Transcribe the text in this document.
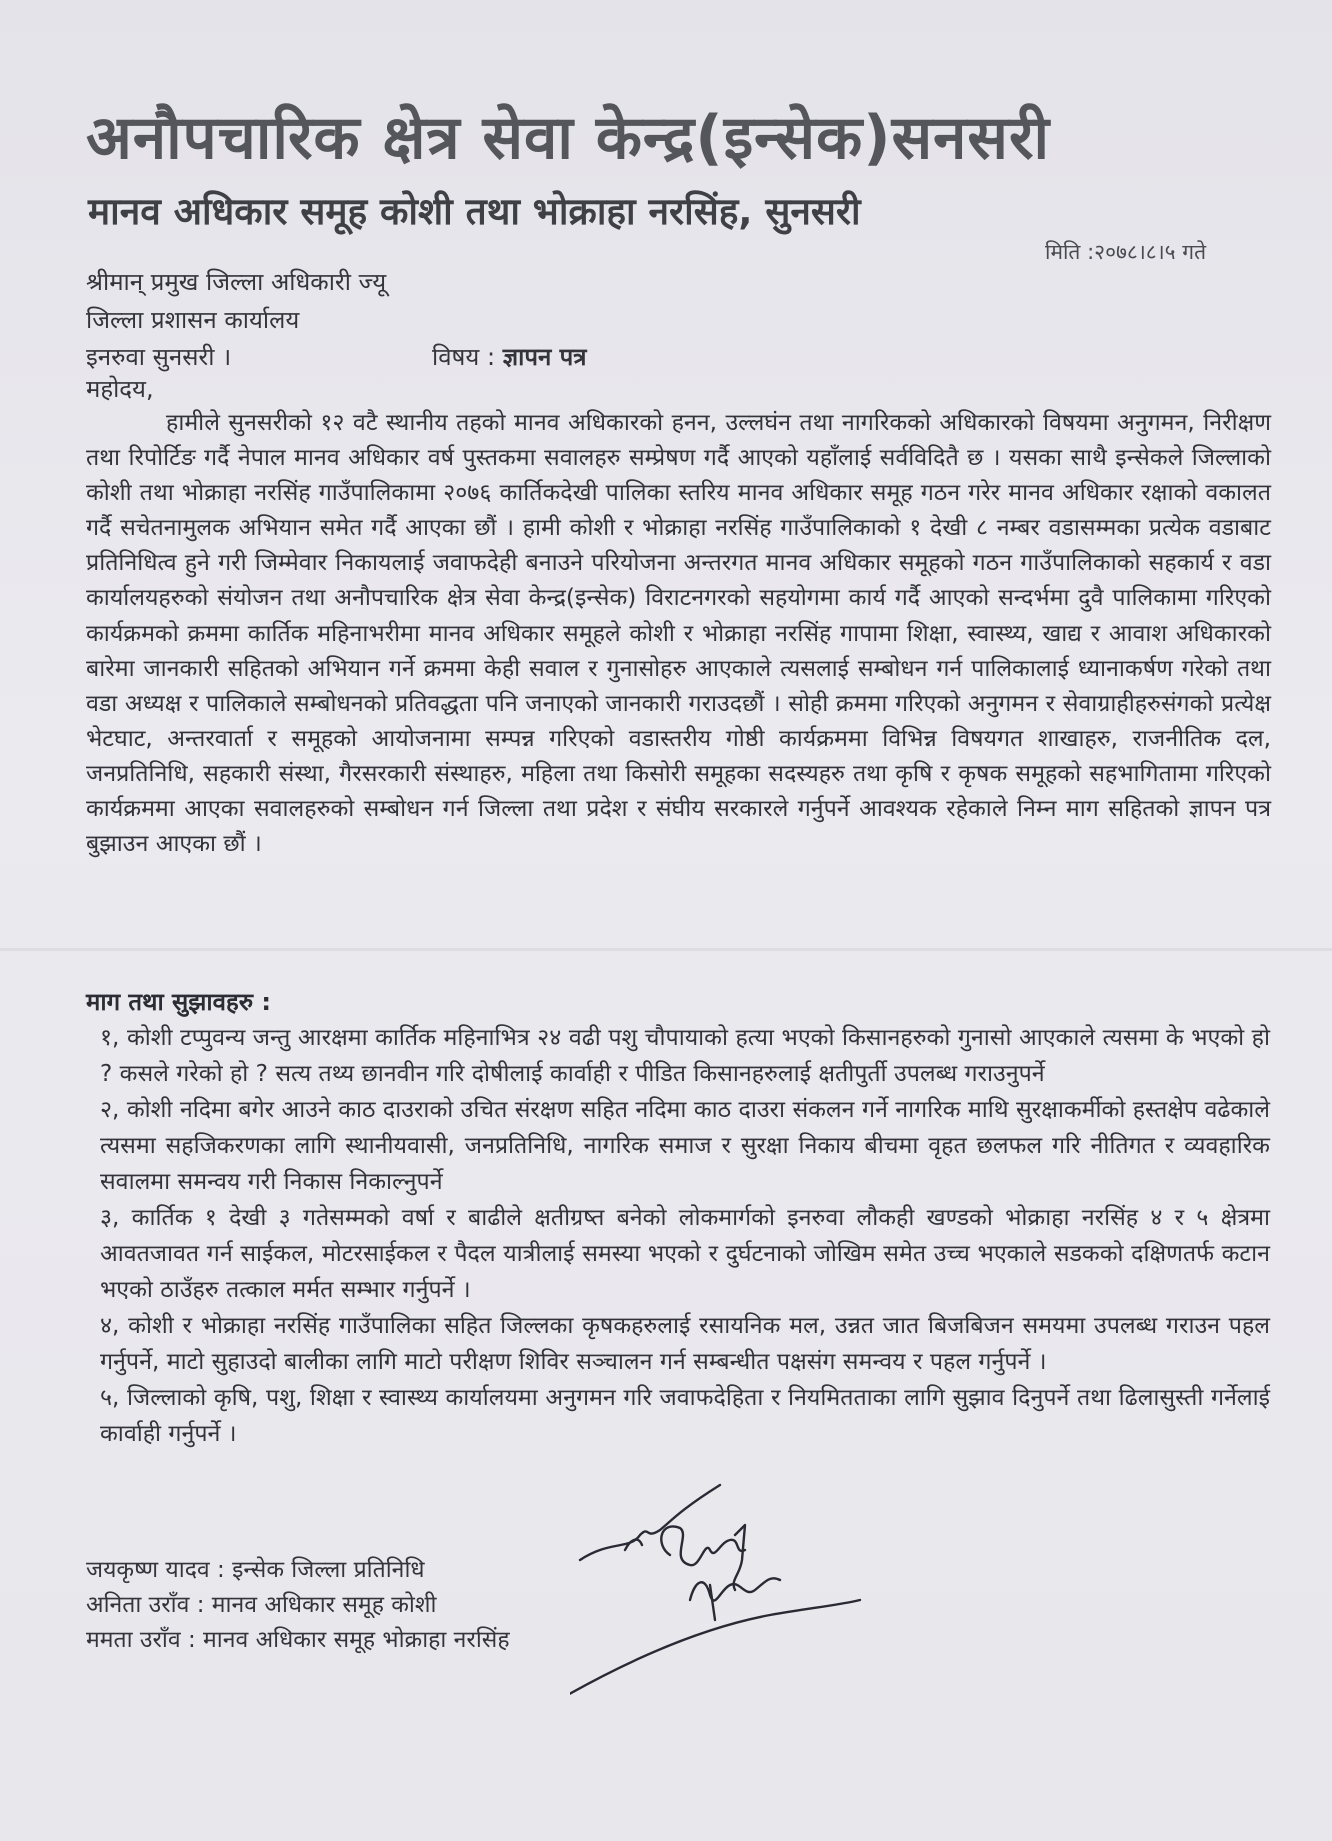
अनौपचारिक क्षेत्र सेवा केन्द्र(इन्सेक)सनसरी
मानव अधिकार समूह कोशी तथा भोक्राहा नरसिंह, सुनसरी
मिति :२०७८।८।५ गते
श्रीमान् प्रमुख जिल्ला अधिकारी ज्यू
जिल्ला प्रशासन कार्यालय
इनरुवा सुनसरी ।	विषय : ज्ञापन पत्र
महोदय,

हामीले सुनसरीको १२ वटै स्थानीय तहको मानव अधिकारको हनन, उल्लघंन तथा नागरिकको अधिकारको विषयमा अनुगमन, निरीक्षण तथा रिपोर्टिङ गर्दै नेपाल मानव अधिकार वर्ष पुस्तकमा सवालहरु सम्प्रेषण गर्दै आएको यहाँलाई सर्वविदितै छ । यसका साथै इन्सेकले जिल्लाको कोशी तथा भोक्राहा नरसिंह गाउँपालिकामा २०७६ कार्तिकदेखी पालिका स्तरिय मानव अधिकार समूह गठन गरेर मानव अधिकार रक्षाको वकालत गर्दै सचेतनामुलक अभियान समेत गर्दै आएका छौं । हामी कोशी र भोक्राहा नरसिंह गाउँपालिकाको १ देखी ८ नम्बर वडासम्मका प्रत्येक वडाबाट प्रतिनिधित्व हुने गरी जिम्मेवार निकायलाई जवाफदेही बनाउने परियोजना अन्तरगत मानव अधिकार समूहको गठन गाउँपालिकाको सहकार्य र वडा कार्यालयहरुको संयोजन तथा अनौपचारिक क्षेत्र सेवा केन्द्र(इन्सेक) विराटनगरको सहयोगमा कार्य गर्दै आएको सन्दर्भमा दुवै पालिकामा गरिएको कार्यक्रमको क्रममा कार्तिक महिनाभरीमा मानव अधिकार समूहले कोशी र भोक्राहा नरसिंह गापामा शिक्षा, स्वास्थ्य, खाद्य र आवाश अधिकारको बारेमा जानकारी सहितको अभियान गर्ने क्रममा केही सवाल र गुनासोहरु आएकाले त्यसलाई सम्बोधन गर्न पालिकालाई ध्यानाकर्षण गरेको तथा वडा अध्यक्ष र पालिकाले सम्बोधनको प्रतिवद्धता पनि जनाएको जानकारी गराउदछौं । सोही क्रममा गरिएको अनुगमन र सेवाग्राहीहरुसंगको प्रत्येक्ष भेटघाट, अन्तरवार्ता र समूहको आयोजनामा सम्पन्न गरिएको वडास्तरीय गोष्ठी कार्यक्रममा विभिन्न विषयगत शाखाहरु, राजनीतिक दल, जनप्रतिनिधि, सहकारी संस्था, गैरसरकारी संस्थाहरु, महिला तथा किसोरी समूहका सदस्यहरु तथा कृषि र कृषक समूहको सहभागितामा गरिएको कार्यक्रममा आएका सवालहरुको सम्बोधन गर्न जिल्ला तथा प्रदेश र संघीय सरकारले गर्नुपर्ने आवश्यक रहेकाले निम्न माग सहितको ज्ञापन पत्र बुझाउन आएका छौं ।

माग तथा सुझावहरु :
१, कोशी टप्पुवन्य जन्तु आरक्षमा कार्तिक महिनाभित्र २४ वढी पशु चौपायाको हत्या भएको किसानहरुको गुनासो आएकाले त्यसमा के भएको हो ? कसले गरेको हो ? सत्य तथ्य छानवीन गरि दोषीलाई कार्वाही र पीडित किसानहरुलाई क्षतीपुर्ती उपलब्ध गराउनुपर्ने
२, कोशी नदिमा बगेर आउने काठ दाउराको उचित संरक्षण सहित नदिमा काठ दाउरा संकलन गर्ने नागरिक माथि सुरक्षाकर्मीको हस्तक्षेप वढेकाले त्यसमा सहजिकरणका लागि स्थानीयवासी, जनप्रतिनिधि, नागरिक समाज र सुरक्षा निकाय बीचमा वृहत छलफल गरि नीतिगत र व्यवहारिक सवालमा समन्वय गरी निकास निकाल्नुपर्ने
३, कार्तिक १ देखी ३ गतेसम्मको वर्षा र बाढीले क्षतीग्रष्त बनेको लोकमार्गको इनरुवा लौकही खण्डको भोक्राहा नरसिंह ४ र ५ क्षेत्रमा आवतजावत गर्न साईकल, मोटरसाईकल र पैदल यात्रीलाई समस्या भएको र दुर्घटनाको जोखिम समेत उच्च भएकाले सडकको दक्षिणतर्फ कटान भएको ठाउँहरु तत्काल मर्मत सम्भार गर्नुपर्ने ।
४, कोशी र भोक्राहा नरसिंह गाउँपालिका सहित जिल्लका कृषकहरुलाई रसायनिक मल, उन्नत जात बिजबिजन समयमा उपलब्ध गराउन पहल गर्नुपर्ने, माटो सुहाउदो बालीका लागि माटो परीक्षण शिविर सञ्चालन गर्न सम्बन्धीत पक्षसंग समन्वय र पहल गर्नुपर्ने ।
५, जिल्लाको कृषि, पशु, शिक्षा र स्वास्थ्य कार्यालयमा अनुगमन गरि जवाफदेहिता र नियमितताका लागि सुझाव दिनुपर्ने तथा ढिलासुस्ती गर्नेलाई कार्वाही गर्नुपर्ने ।
जयकृष्ण यादव : इन्सेक जिल्ला प्रतिनिधि
अनिता उराँव : मानव अधिकार समूह कोशी
ममता उराँव : मानव अधिकार समूह भोक्राहा नरसिंह
